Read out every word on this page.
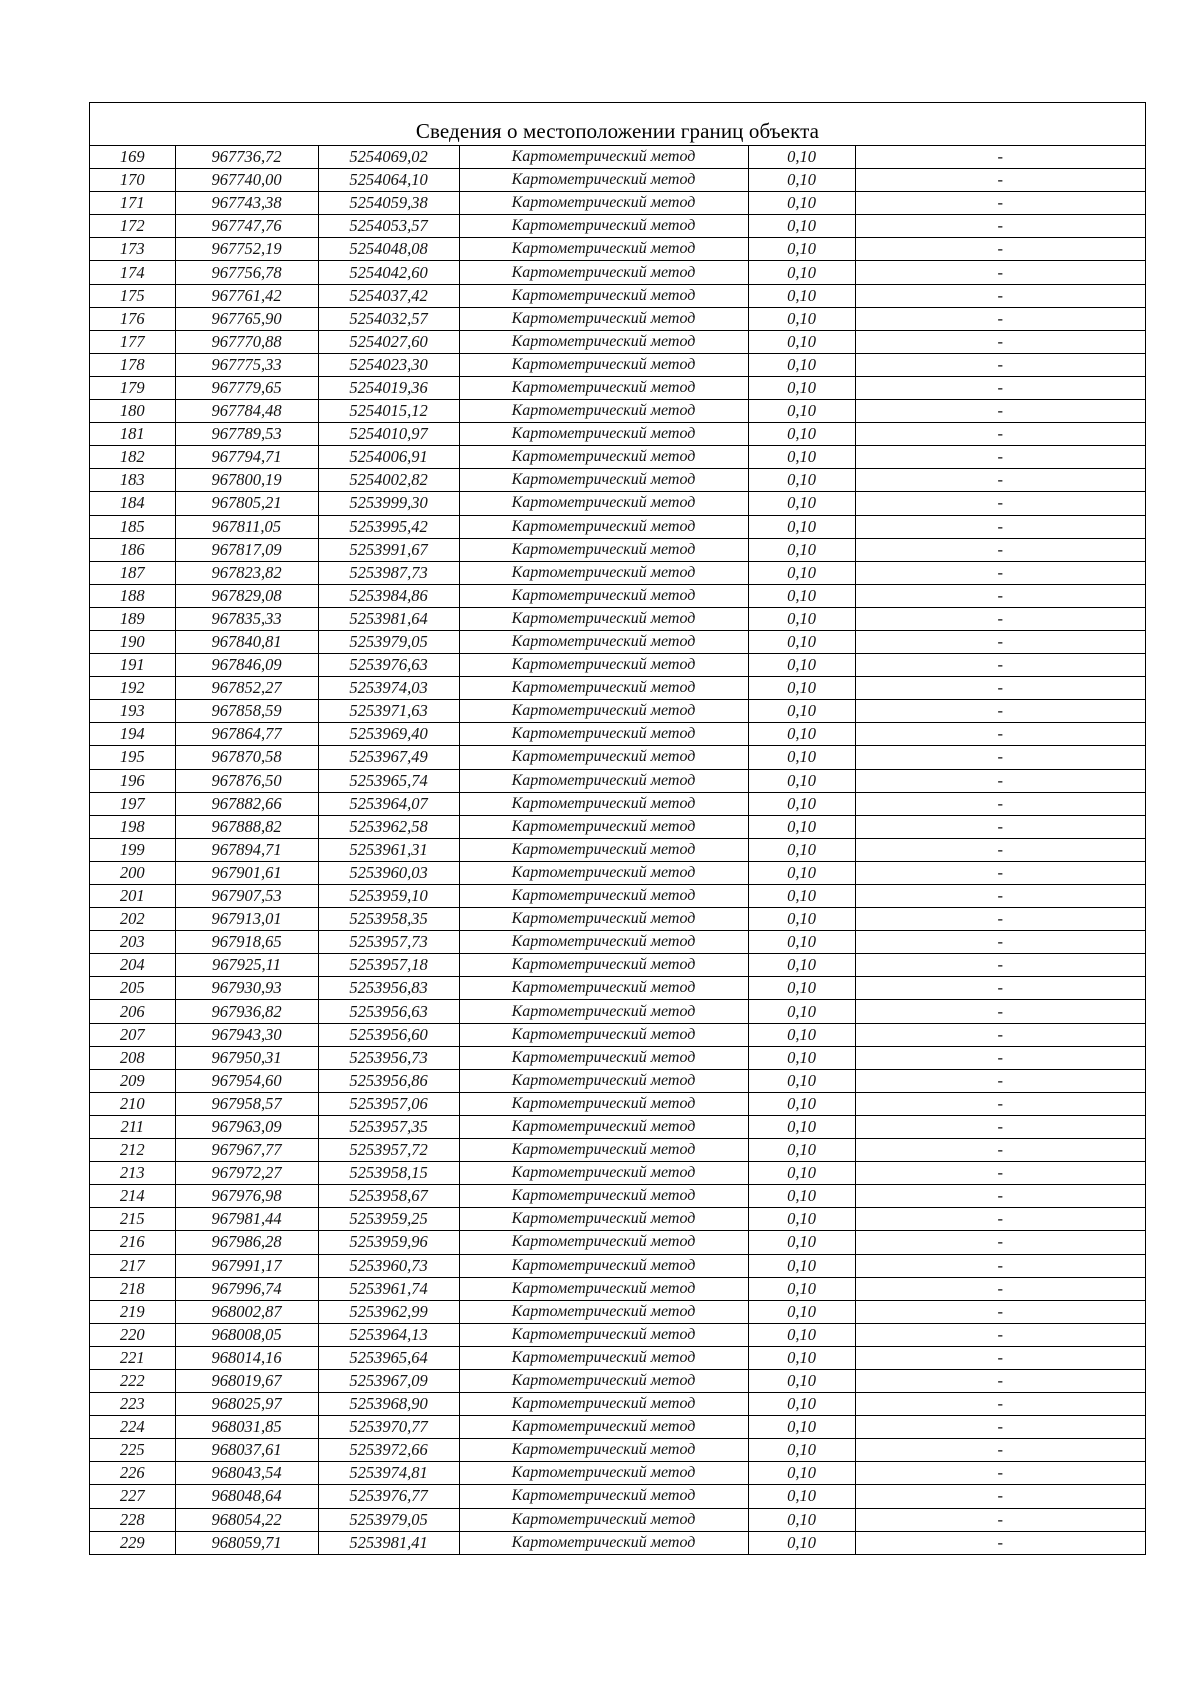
Сведения о местоположении границ объекта
169	967736,72	5254069,02	Картометрический метод	0,10	-
170	967740,00	5254064,10	Картометрический метод	0,10	-
171	967743,38	5254059,38	Картометрический метод	0,10	-
172	967747,76	5254053,57	Картометрический метод	0,10	-
173	967752,19	5254048,08	Картометрический метод	0,10	-
174	967756,78	5254042,60	Картометрический метод	0,10	-
175	967761,42	5254037,42	Картометрический метод	0,10	-
176	967765,90	5254032,57	Картометрический метод	0,10	-
177	967770,88	5254027,60	Картометрический метод	0,10	-
178	967775,33	5254023,30	Картометрический метод	0,10	-
179	967779,65	5254019,36	Картометрический метод	0,10	-
180	967784,48	5254015,12	Картометрический метод	0,10	-
181	967789,53	5254010,97	Картометрический метод	0,10	-
182	967794,71	5254006,91	Картометрический метод	0,10	-
183	967800,19	5254002,82	Картометрический метод	0,10	-
184	967805,21	5253999,30	Картометрический метод	0,10	-
185	967811,05	5253995,42	Картометрический метод	0,10	-
186	967817,09	5253991,67	Картометрический метод	0,10	-
187	967823,82	5253987,73	Картометрический метод	0,10	-
188	967829,08	5253984,86	Картометрический метод	0,10	-
189	967835,33	5253981,64	Картометрический метод	0,10	-
190	967840,81	5253979,05	Картометрический метод	0,10	-
191	967846,09	5253976,63	Картометрический метод	0,10	-
192	967852,27	5253974,03	Картометрический метод	0,10	-
193	967858,59	5253971,63	Картометрический метод	0,10	-
194	967864,77	5253969,40	Картометрический метод	0,10	-
195	967870,58	5253967,49	Картометрический метод	0,10	-
196	967876,50	5253965,74	Картометрический метод	0,10	-
197	967882,66	5253964,07	Картометрический метод	0,10	-
198	967888,82	5253962,58	Картометрический метод	0,10	-
199	967894,71	5253961,31	Картометрический метод	0,10	-
200	967901,61	5253960,03	Картометрический метод	0,10	-
201	967907,53	5253959,10	Картометрический метод	0,10	-
202	967913,01	5253958,35	Картометрический метод	0,10	-
203	967918,65	5253957,73	Картометрический метод	0,10	-
204	967925,11	5253957,18	Картометрический метод	0,10	-
205	967930,93	5253956,83	Картометрический метод	0,10	-
206	967936,82	5253956,63	Картометрический метод	0,10	-
207	967943,30	5253956,60	Картометрический метод	0,10	-
208	967950,31	5253956,73	Картометрический метод	0,10	-
209	967954,60	5253956,86	Картометрический метод	0,10	-
210	967958,57	5253957,06	Картометрический метод	0,10	-
211	967963,09	5253957,35	Картометрический метод	0,10	-
212	967967,77	5253957,72	Картометрический метод	0,10	-
213	967972,27	5253958,15	Картометрический метод	0,10	-
214	967976,98	5253958,67	Картометрический метод	0,10	-
215	967981,44	5253959,25	Картометрический метод	0,10	-
216	967986,28	5253959,96	Картометрический метод	0,10	-
217	967991,17	5253960,73	Картометрический метод	0,10	-
218	967996,74	5253961,74	Картометрический метод	0,10	-
219	968002,87	5253962,99	Картометрический метод	0,10	-
220	968008,05	5253964,13	Картометрический метод	0,10	-
221	968014,16	5253965,64	Картометрический метод	0,10	-
222	968019,67	5253967,09	Картометрический метод	0,10	-
223	968025,97	5253968,90	Картометрический метод	0,10	-
224	968031,85	5253970,77	Картометрический метод	0,10	-
225	968037,61	5253972,66	Картометрический метод	0,10	-
226	968043,54	5253974,81	Картометрический метод	0,10	-
227	968048,64	5253976,77	Картометрический метод	0,10	-
228	968054,22	5253979,05	Картометрический метод	0,10	-
229	968059,71	5253981,41	Картометрический метод	0,10	-
